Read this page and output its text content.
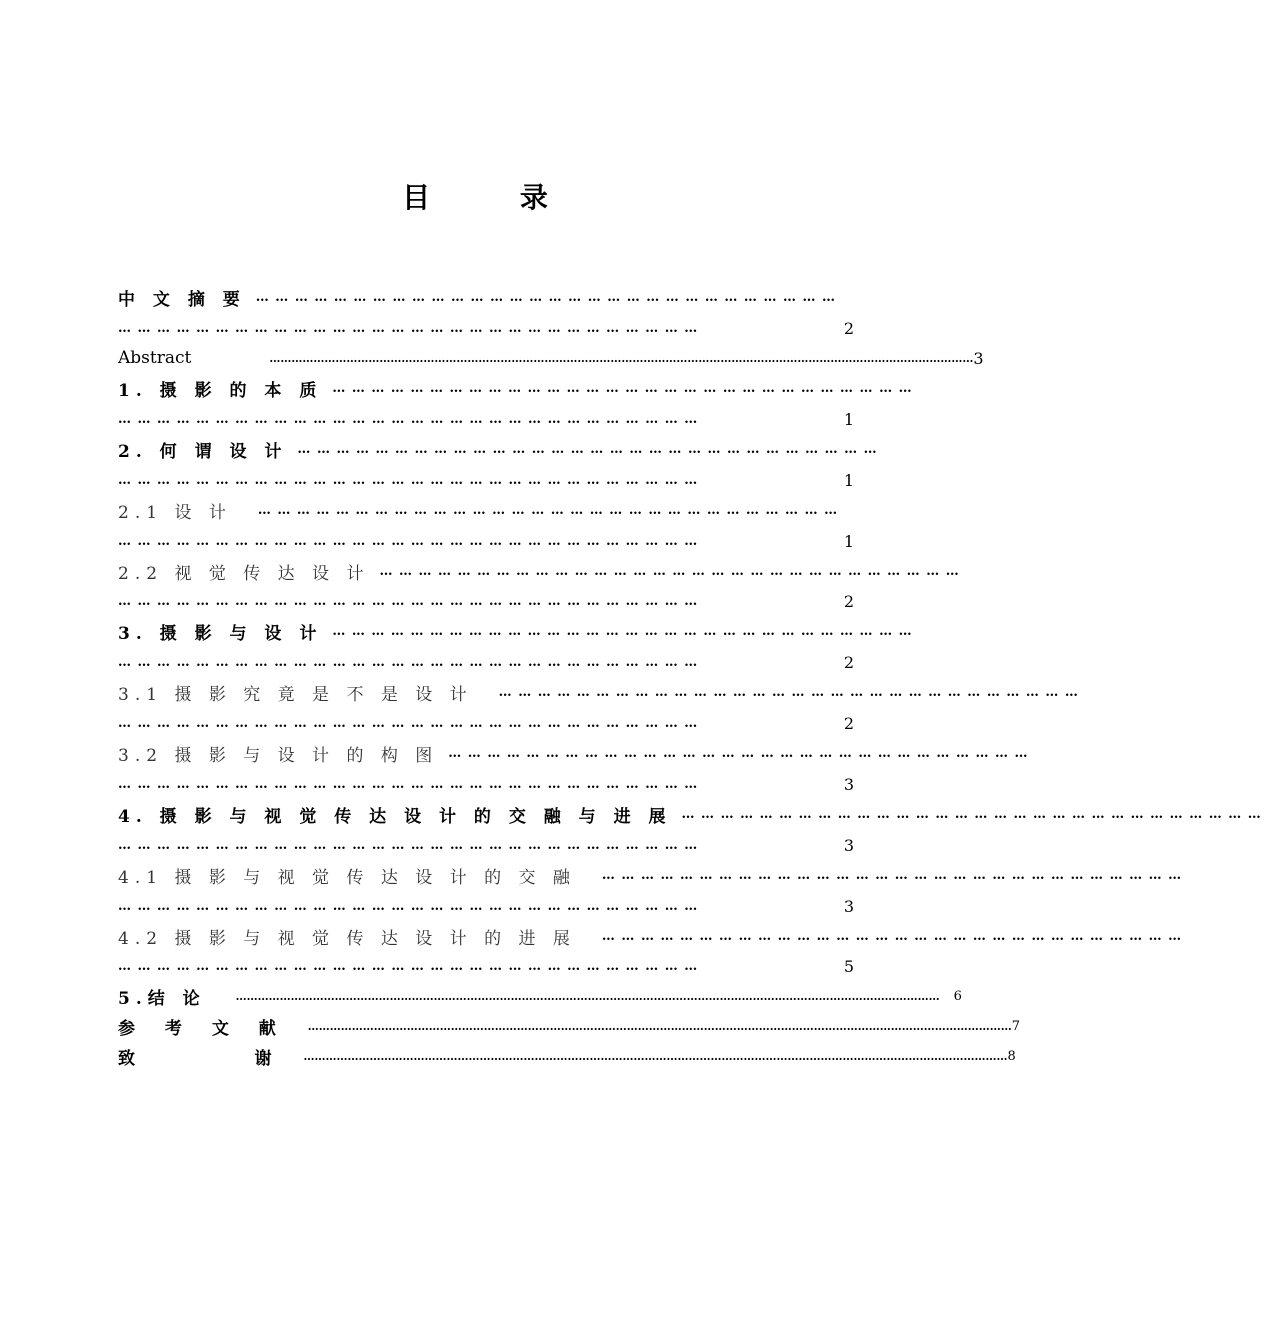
目 录
中 文 摘 要 … … … … … … … … … … … … … … … … … … … … … … … … … … … … … …
… … … … … … … … … … … … … … … … … … … … … … … … … … … … … …	2
Abstract	………………………………………………………………………………………………………………………………………………………………………… 3
1. 摄 影 的 本 质 … … … … … … … … … … … … … … … … … … … … … … … … … … … … … …
… … … … … … … … … … … … … … … … … … … … … … … … … … … … … …	1
2. 何 谓 设 计 … … … … … … … … … … … … … … … … … … … … … … … … … … … … … …
… … … … … … … … … … … … … … … … … … … … … … … … … … … … … …	1
2.1 设 计 … … … … … … … … … … … … … … … … … … … … … … … … … … … … … …
… … … … … … … … … … … … … … … … … … … … … … … … … … … … … …	1
2.2 视 觉 传 达 设 计 … … … … … … … … … … … … … … … … … … … … … … … … … … … … … …
… … … … … … … … … … … … … … … … … … … … … … … … … … … … … …	2
3. 摄 影 与 设 计 … … … … … … … … … … … … … … … … … … … … … … … … … … … … … …
… … … … … … … … … … … … … … … … … … … … … … … … … … … … … …	2
3.1 摄 影 究 竟 是 不 是 设 计 … … … … … … … … … … … … … … … … … … … … … … … … … … … … … …
… … … … … … … … … … … … … … … … … … … … … … … … … … … … … …	2
3.2 摄 影 与 设 计 的 构 图 … … … … … … … … … … … … … … … … … … … … … … … … … … … … … …
… … … … … … … … … … … … … … … … … … … … … … … … … … … … … …	3
4. 摄 影 与 视 觉 传 达 设 计 的 交 融 与 进 展 … … … … … … … … … … … … … … … … … … … … … … … … … … … … … …
… … … … … … … … … … … … … … … … … … … … … … … … … … … … … …	3
4.1 摄 影 与 视 觉 传 达 设 计 的 交 融 … … … … … … … … … … … … … … … … … … … … … … … … … … … … … …
… … … … … … … … … … … … … … … … … … … … … … … … … … … … … …	3
4.2 摄 影 与 视 觉 传 达 设 计 的 进 展 … … … … … … … … … … … … … … … … … … … … … … … … … … … … … …
… … … … … … … … … … … … … … … … … … … … … … … … … … … … … …	5
5.结 论	………………………………………………………………………………………………………………………………………………………………………… 6
参 考 文 献 ………………………………………………………………………………………………………………………………………………………………………… 7
致      谢 ………………………………………………………………………………………………………………………………………………………………………… 8
